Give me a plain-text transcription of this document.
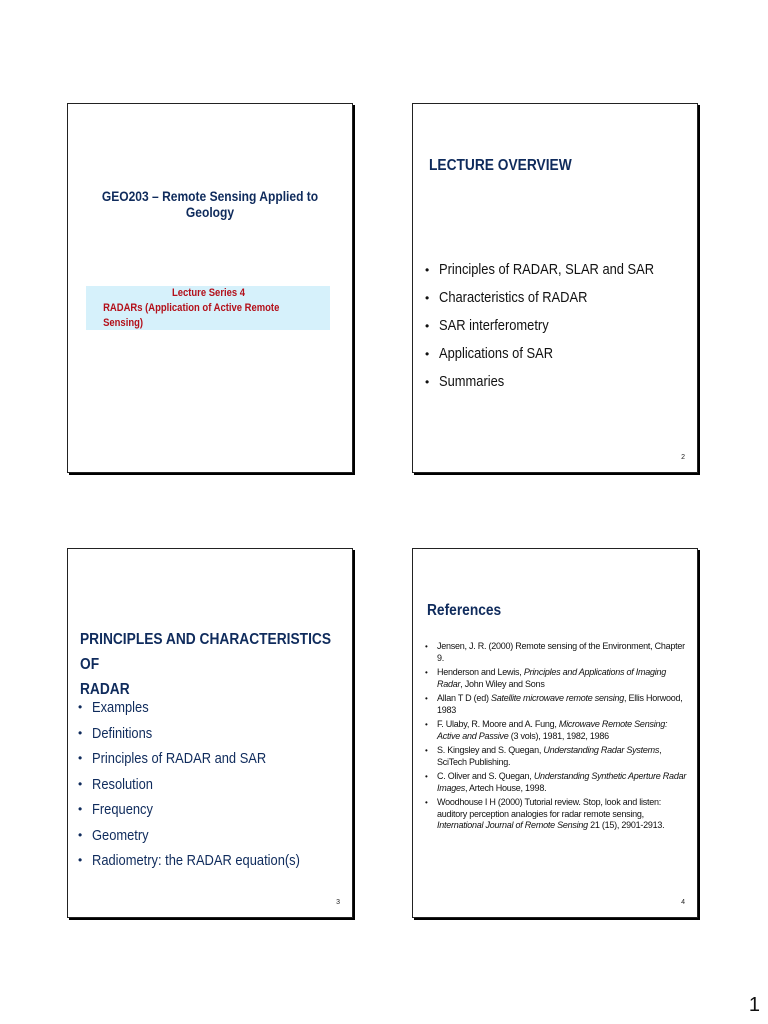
GEO203 – Remote Sensing Applied to Geology
Lecture Series 4
RADARs (Application of Active Remote Sensing)
LECTURE OVERVIEW
• Principles of RADAR, SLAR and SAR
• Characteristics of RADAR
• SAR interferometry
• Applications of SAR
• Summaries
2
PRINCIPLES AND CHARACTERISTICS OF
RADAR
• Examples
• Definitions
• Principles of RADAR and SAR
• Resolution
• Frequency
• Geometry
• Radiometry: the RADAR equation(s)
3
References
• Jensen, J. R. (2000) Remote sensing of the Environment, Chapter 9.
• Henderson and Lewis, Principles and Applications of Imaging Radar, John Wiley and Sons
• Allan T D (ed) Satellite microwave remote sensing, Ellis Horwood, 1983
• F. Ulaby, R. Moore and A. Fung, Microwave Remote Sensing: Active and Passive (3 vols), 1981, 1982, 1986
• S. Kingsley and S. Quegan, Understanding Radar Systems, SciTech Publishing.
• C. Oliver and S. Quegan, Understanding Synthetic Aperture Radar Images, Artech House, 1998.
• Woodhouse I H (2000) Tutorial review. Stop, look and listen: auditory perception analogies for radar remote sensing, International Journal of Remote Sensing 21 (15), 2901-2913.
4
1
